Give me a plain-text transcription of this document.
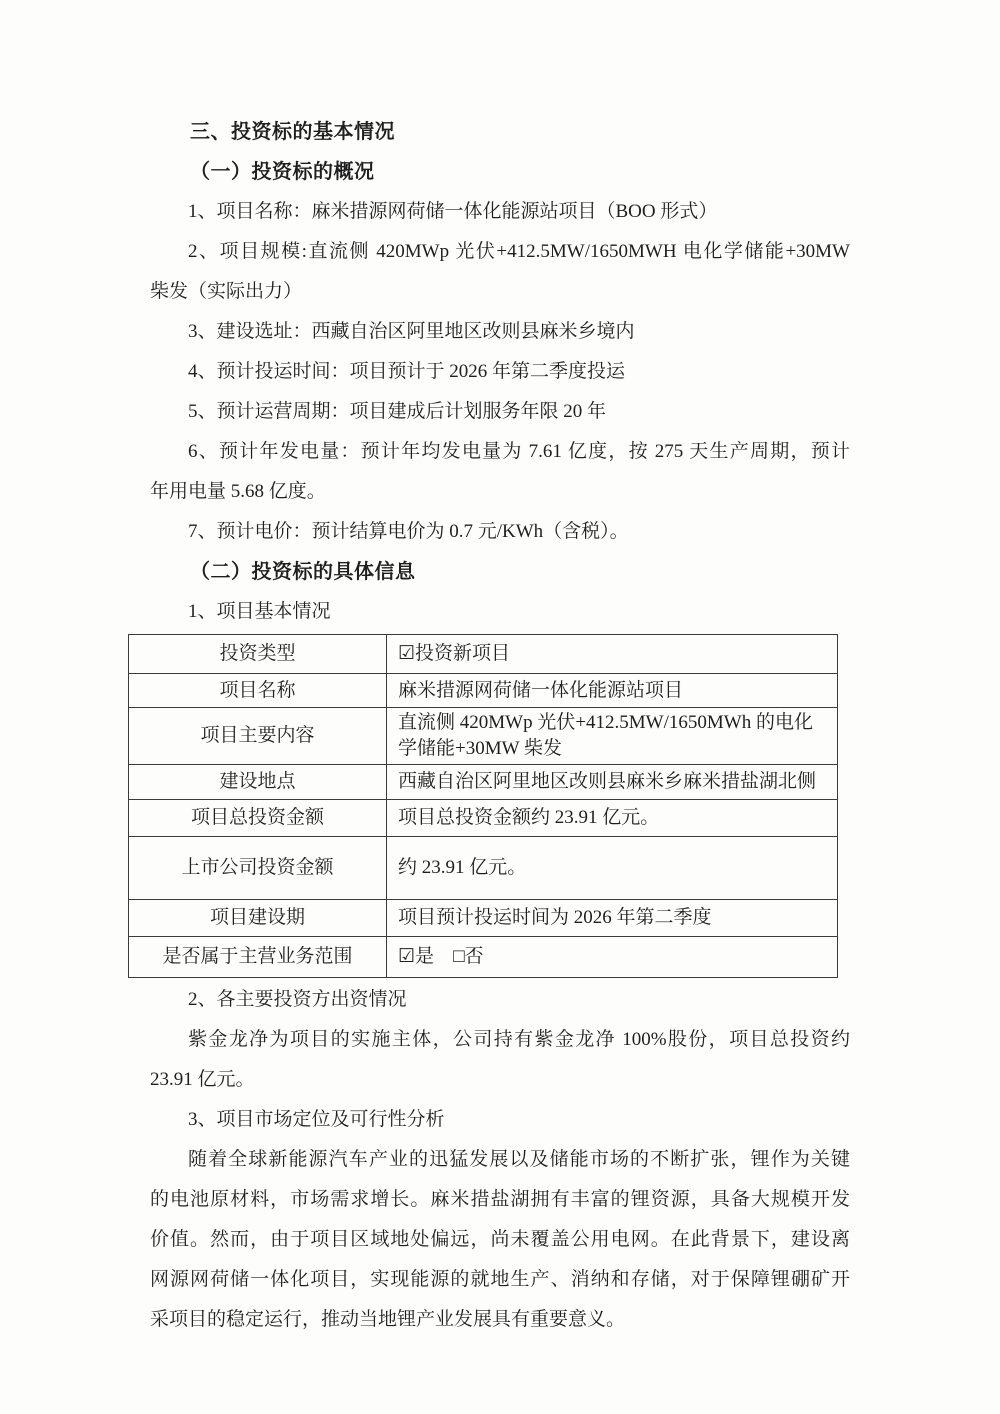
三、投资标的基本情况
（一）投资标的概况
1、项目名称：麻米措源网荷储一体化能源站项目（BOO 形式）
2、项目规模:直流侧 420MWp 光伏+412.5MW/1650MWH 电化学储能+30MW
柴发（实际出力）
3、建设选址：西藏自治区阿里地区改则县麻米乡境内
4、预计投运时间：项目预计于 2026 年第二季度投运
5、预计运营周期：项目建成后计划服务年限 20 年
6、预计年发电量：预计年均发电量为 7.61 亿度，按 275 天生产周期，预计
年用电量 5.68 亿度。
7、预计电价：预计结算电价为 0.7 元/KWh（含税）。
（二）投资标的具体信息
1、项目基本情况
投资类型	☑投资新项目
项目名称	麻米措源网荷储一体化能源站项目
项目主要内容	直流侧 420MWp 光伏+412.5MW/1650MWh 的电化学储能+30MW 柴发
建设地点	西藏自治区阿里地区改则县麻米乡麻米措盐湖北侧
项目总投资金额	项目总投资金额约 23.91 亿元。
上市公司投资金额	约 23.91 亿元。
项目建设期	项目预计投运时间为 2026 年第二季度
是否属于主营业务范围	☑是　□否
2、各主要投资方出资情况
紫金龙净为项目的实施主体，公司持有紫金龙净 100%股份，项目总投资约
23.91 亿元。
3、项目市场定位及可行性分析
随着全球新能源汽车产业的迅猛发展以及储能市场的不断扩张，锂作为关键
的电池原材料，市场需求增长。麻米措盐湖拥有丰富的锂资源，具备大规模开发
价值。然而，由于项目区域地处偏远，尚未覆盖公用电网。在此背景下，建设离
网源网荷储一体化项目，实现能源的就地生产、消纳和存储，对于保障锂硼矿开
采项目的稳定运行，推动当地锂产业发展具有重要意义。
